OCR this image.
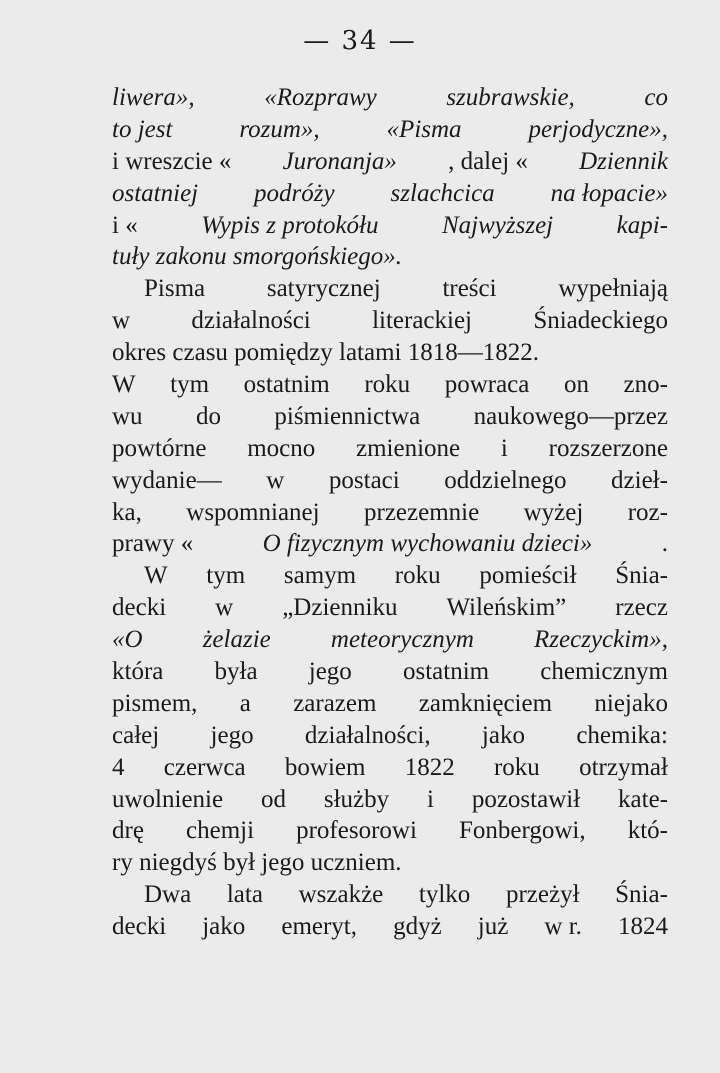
— 34 —
liwera»,	«Rozprawy	szubrawskie,	co
to jest	rozum»,	«Pisma	perjodyczne»,
i wreszcie « Juronanja» , dalej « Dziennik
ostatniej podróży szlachcica na łopacie»
i «	Wypis z protokółu	Najwyższej	kapi-
tuły zakonu smorgońskiego».
Pisma satyrycznej treści wypełniają
w działalności literackiej Śniadeckiego
okres czasu pomiędzy latami 1818—1822.
W tym ostatnim roku powraca on zno-
wu do piśmiennictwa naukowego—przez
powtórne mocno zmienione i rozszerzone
wydanie— w postaci oddzielnego dzieł-
ka, wspomnianej przezemnie wyżej roz-
prawy «	O fizycznym wychowaniu dzieci»	.
W tym samym roku pomieścił Śnia-
decki w „Dzienniku Wileńskim” rzecz
«O żelazie meteorycznym Rzeczyckim»,
która była jego ostatnim chemicznym
pismem, a zarazem zamknięciem niejako
całej jego działalności, jako chemika:
4 czerwca bowiem 1822 roku otrzymał
uwolnienie od służby i pozostawił kate-
drę chemji profesorowi Fonbergowi, któ-
ry niegdyś był jego uczniem.
Dwa lata wszakże tylko przeżył Śnia-
decki jako emeryt, gdyż już w r. 1824
